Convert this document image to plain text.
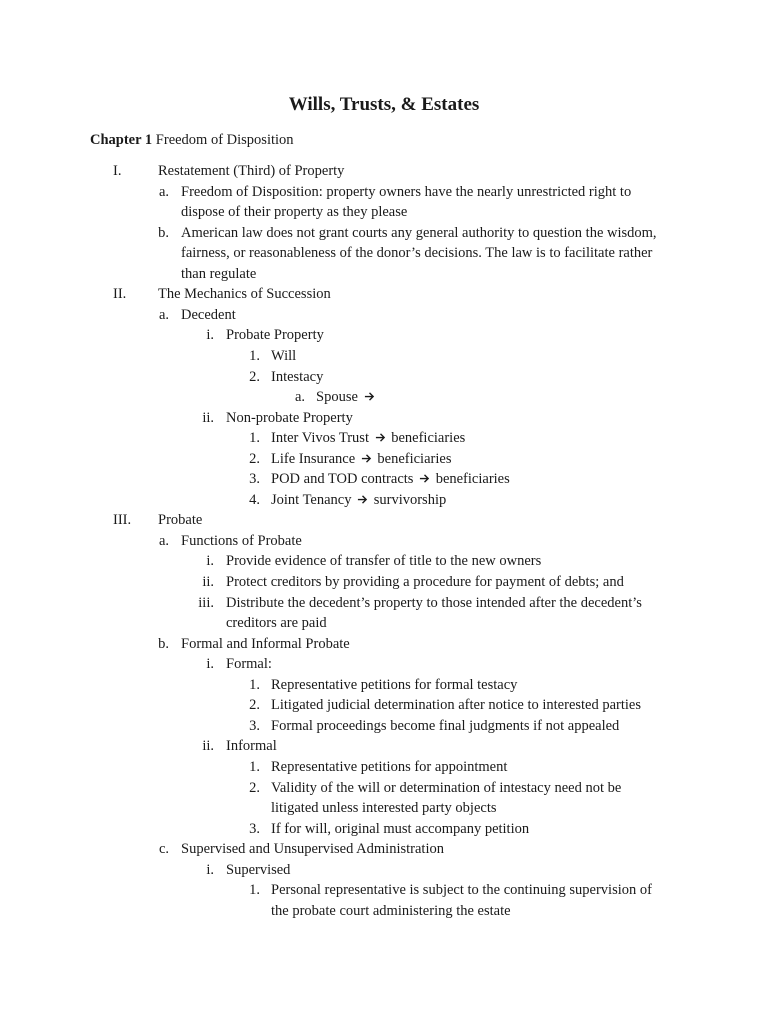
Wills, Trusts, & Estates
Chapter 1 Freedom of Disposition
I.	Restatement (Third) of Property
a. Freedom of Disposition: property owners have the nearly unrestricted right to
dispose of their property as they please
b. American law does not grant courts any general authority to question the wisdom,
fairness, or reasonableness of the donor’s decisions. The law is to facilitate rather
than regulate
II. The Mechanics of Succession
a. Decedent
i. Probate Property
1. Will
2. Intestacy
a. Spouse
ii. Non-probate Property
1. Inter Vivos Trust beneficiaries
2. Life Insurance beneficiaries
3. POD and TOD contracts beneficiaries
4. Joint Tenancy survivorship
III. Probate
a. Functions of Probate
i. Provide evidence of transfer of title to the new owners
ii. Protect creditors by providing a procedure for payment of debts; and
iii. Distribute the decedent’s property to those intended after the decedent’s
creditors are paid
b. Formal and Informal Probate
i. Formal:
1. Representative petitions for formal testacy
2. Litigated judicial determination after notice to interested parties
3. Formal proceedings become final judgments if not appealed
ii. Informal
1. Representative petitions for appointment
2. Validity of the will or determination of intestacy need not be
litigated unless interested party objects
3. If for will, original must accompany petition
c. Supervised and Unsupervised Administration
i. Supervised
1. Personal representative is subject to the continuing supervision of
the probate court administering the estate
